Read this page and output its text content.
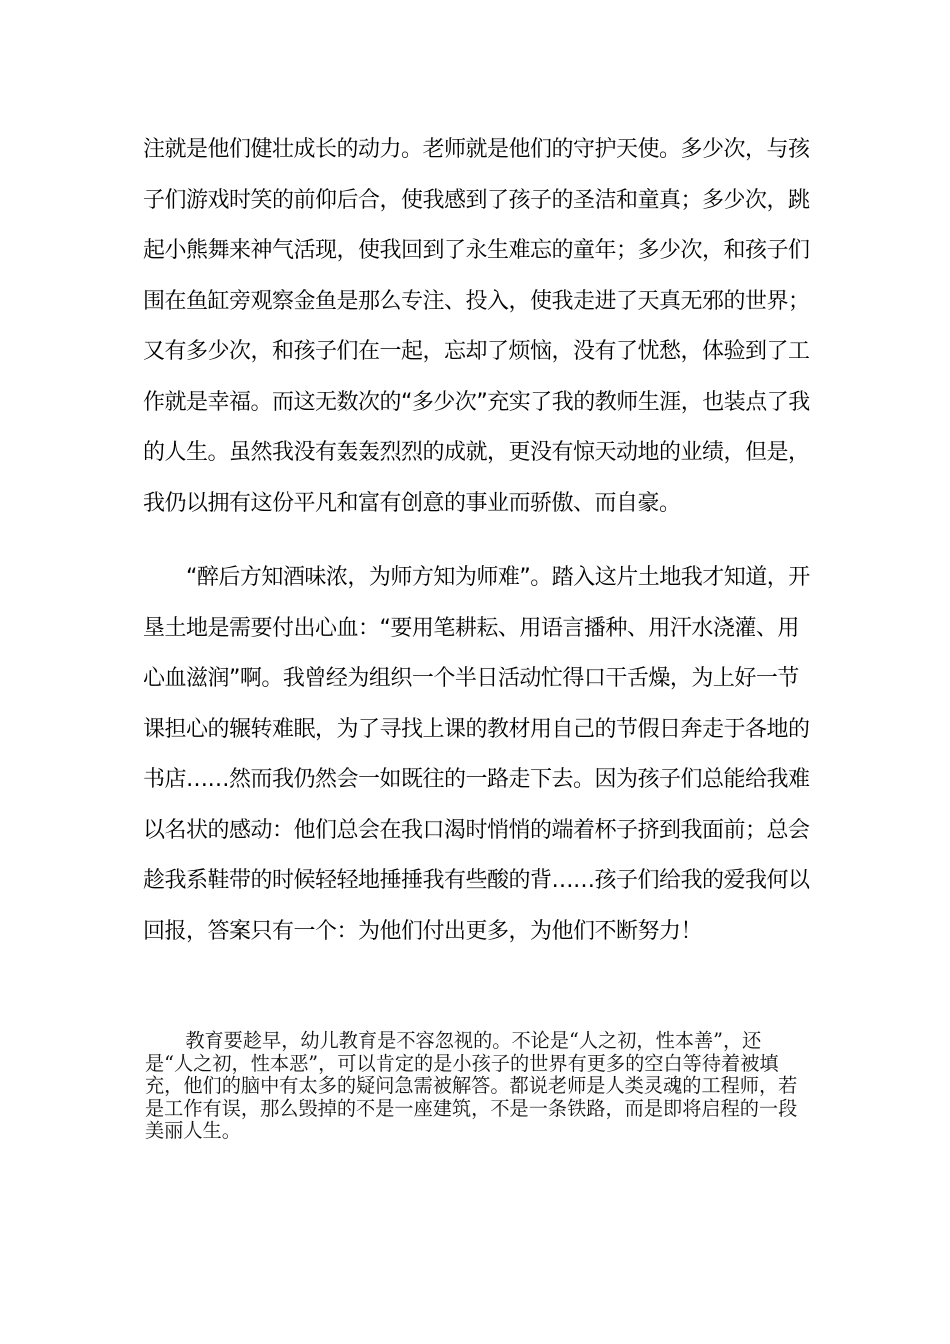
注就是他们健壮成长的动力。老师就是他们的守护天使。多少次，与孩子们游戏时笑的前仰后合，使我感到了孩子的圣洁和童真；多少次，跳起小熊舞来神气活现，使我回到了永生难忘的童年；多少次，和孩子们围在鱼缸旁观察金鱼是那么专注、投入，使我走进了天真无邪的世界；又有多少次，和孩子们在一起，忘却了烦恼，没有了忧愁，体验到了工作就是幸福。而这无数次的“多少次”充实了我的教师生涯，也装点了我的人生。虽然我没有轰轰烈烈的成就，更没有惊天动地的业绩，但是，我仍以拥有这份平凡和富有创意的事业而骄傲、而自豪。

　　“醉后方知酒味浓，为师方知为师难”。踏入这片土地我才知道，开垦土地是需要付出心血：“要用笔耕耘、用语言播种、用汗水浇灌、用心血滋润”啊。我曾经为组织一个半日活动忙得口干舌燥，为上好一节课担心的辗转难眠，为了寻找上课的教材用自己的节假日奔走于各地的书店……然而我仍然会一如既往的一路走下去。因为孩子们总能给我难以名状的感动：他们总会在我口渴时悄悄的端着杯子挤到我面前；总会趁我系鞋带的时候轻轻地捶捶我有些酸的背……孩子们给我的爱我何以回报，答案只有一个：为他们付出更多，为他们不断努力！

教育要趁早，幼儿教育是不容忽视的。不论是“人之初，性本善”，还是“人之初，性本恶”，可以肯定的是小孩子的世界有更多的空白等待着被填充，他们的脑中有太多的疑问急需被解答。都说老师是人类灵魂的工程师，若是工作有误，那么毁掉的不是一座建筑，不是一条铁路，而是即将启程的一段美丽人生。
